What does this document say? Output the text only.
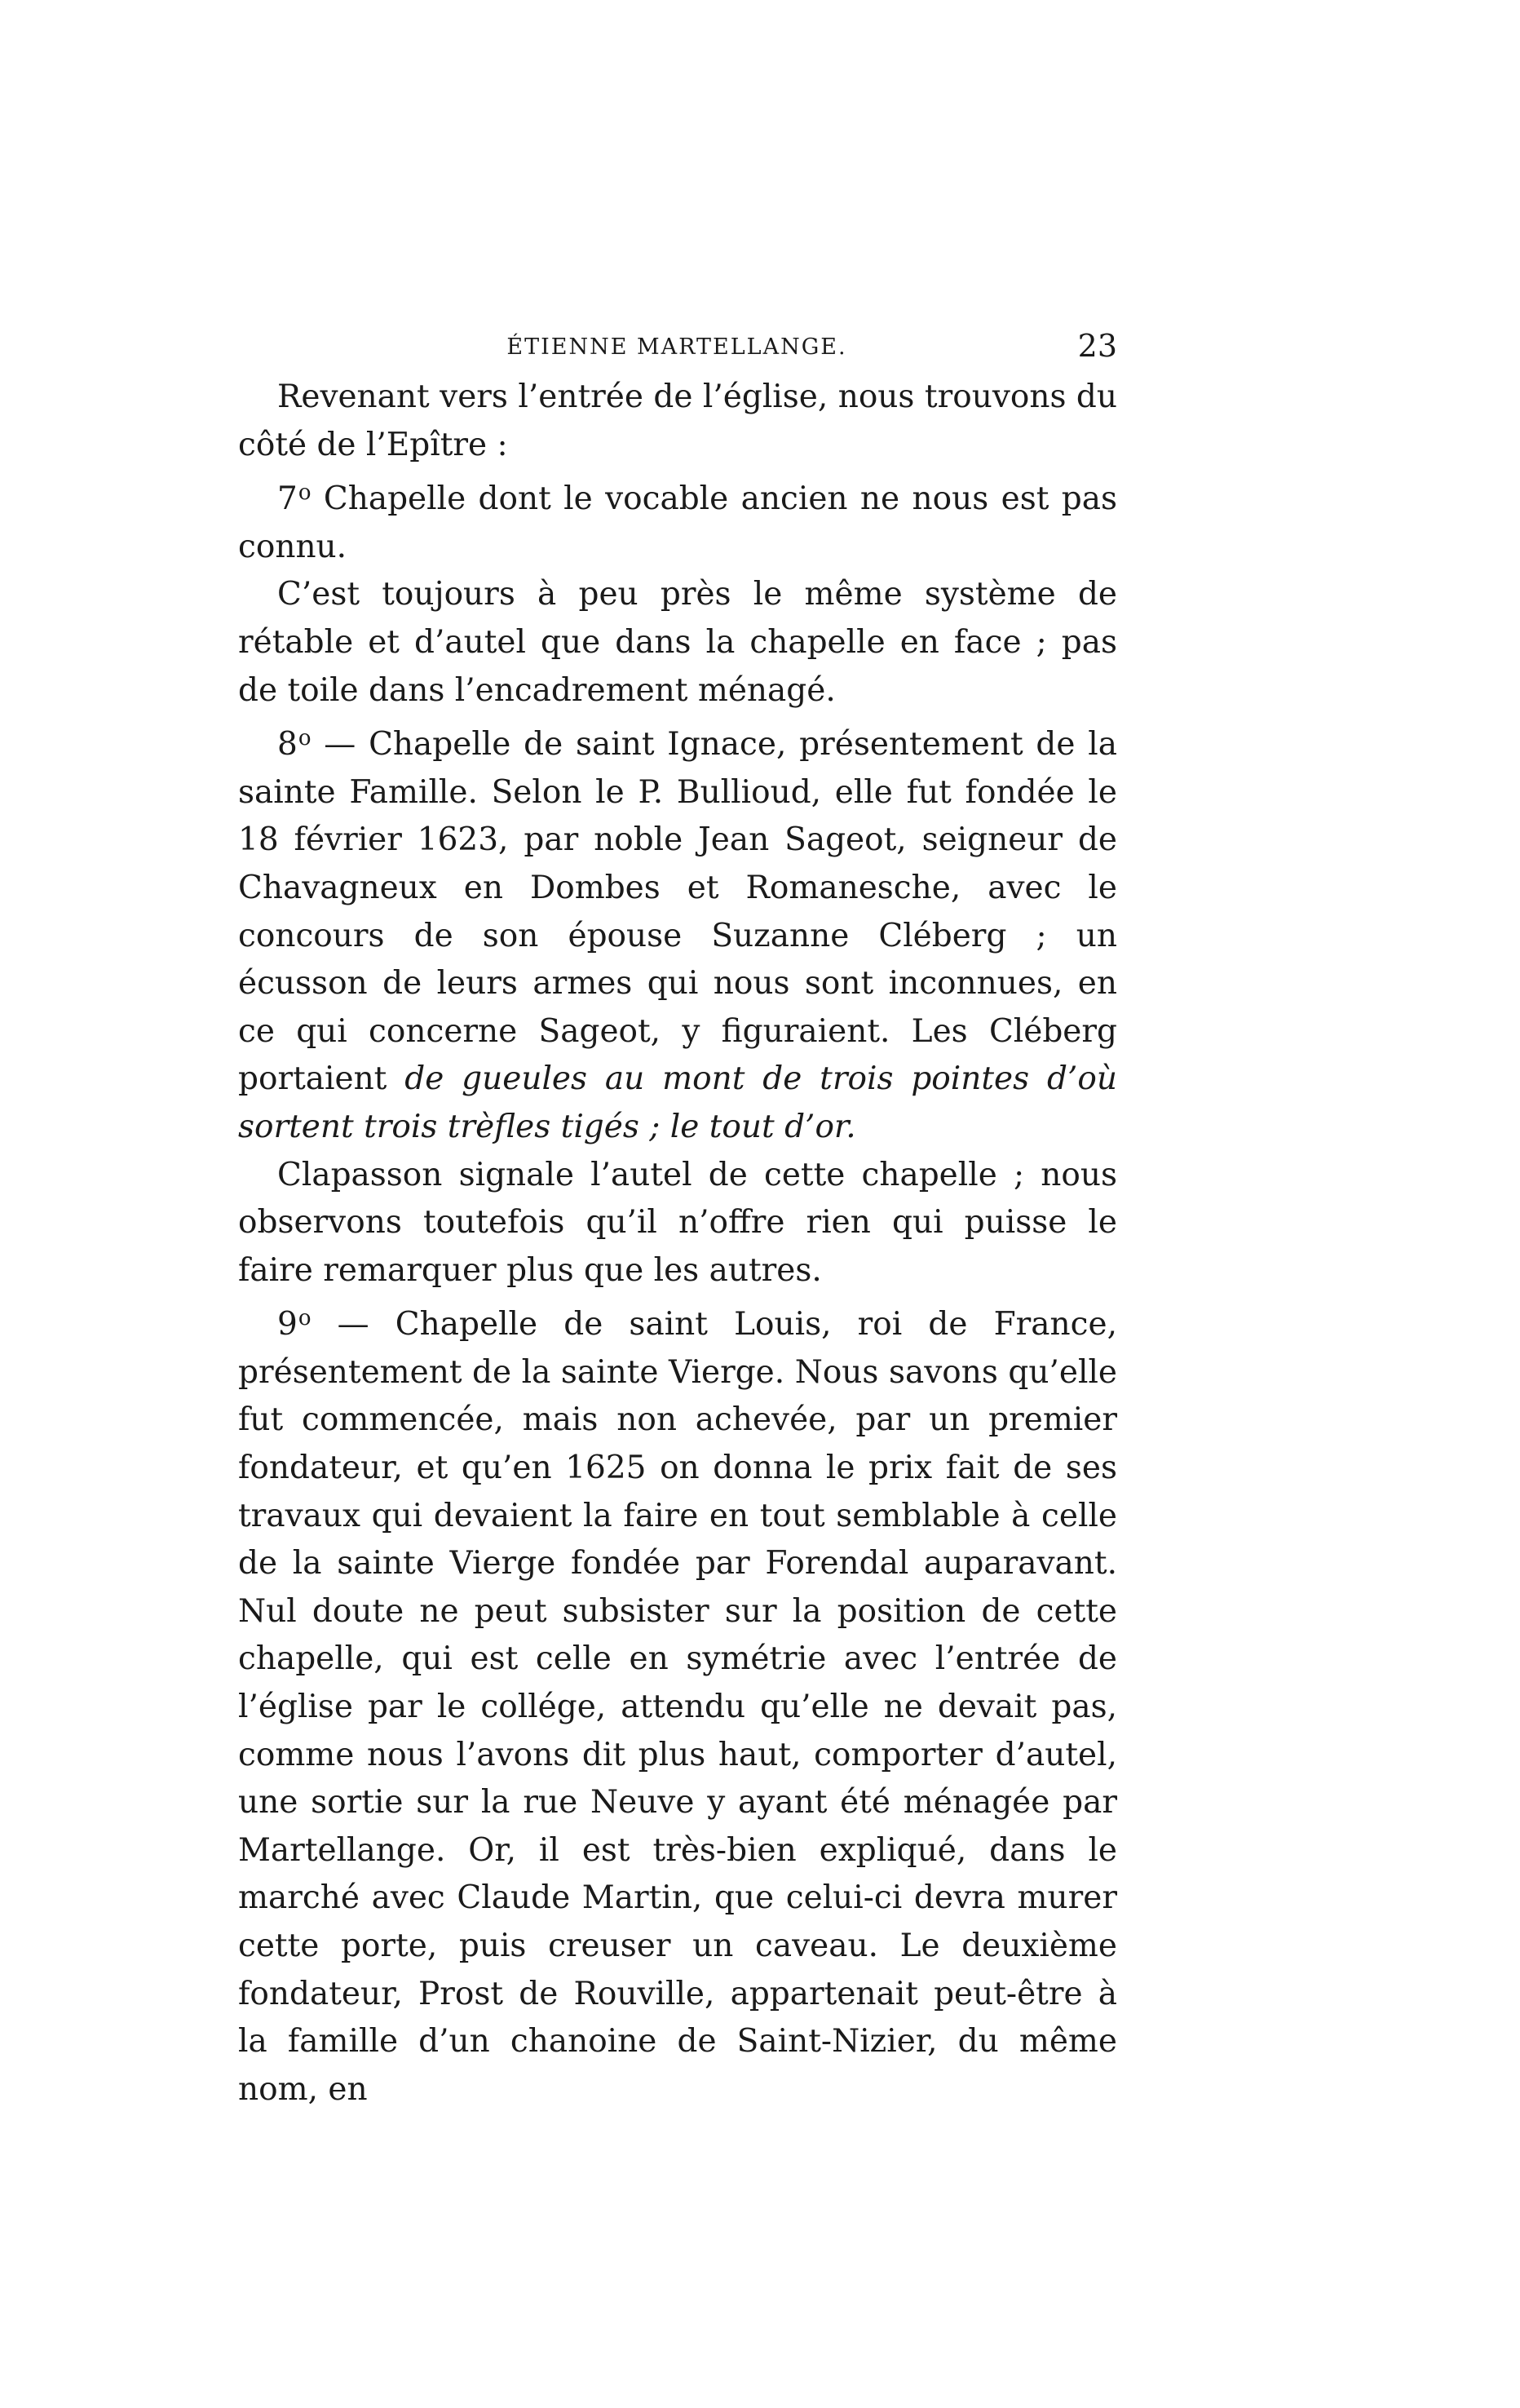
ÉTIENNE MARTELLANGE.	23

Revenant vers l’entrée de l’église, nous trouvons du côté de l’Epître :

7$^o$ Chapelle dont le vocable ancien ne nous est pas connu.

C’est toujours à peu près le même système de rétable et d’autel que dans la chapelle en face ; pas de toile dans l’encadrement ménagé.

8$^o$ — Chapelle de saint Ignace, présentement de la sainte Famille. Selon le P. Bullioud, elle fut fondée le 18 février 1623, par noble Jean Sageot, seigneur de Chavagneux en Dombes et Romanesche, avec le concours de son épouse Suzanne Cléberg ; un écusson de leurs armes qui nous sont inconnues, en ce qui concerne Sageot, y figuraient. Les Cléberg portaient de gueules au mont de trois pointes d’où sortent trois trèfles tigés ; le tout d’or.

Clapasson signale l’autel de cette chapelle ; nous observons toutefois qu’il n’offre rien qui puisse le faire remarquer plus que les autres.

9$^o$ — Chapelle de saint Louis, roi de France, présentement de la sainte Vierge. Nous savons qu’elle fut commencée, mais non achevée, par un premier fondateur, et qu’en 1625 on donna le prix fait de ses travaux qui devaient la faire en tout semblable à celle de la sainte Vierge fondée par Forendal auparavant. Nul doute ne peut subsister sur la position de cette chapelle, qui est celle en symétrie avec l’entrée de l’église par le collége, attendu qu’elle ne devait pas, comme nous l’avons dit plus haut, comporter d’autel, une sortie sur la rue Neuve y ayant été ménagée par Martellange. Or, il est très-bien expliqué, dans le marché avec Claude Martin, que celui-ci devra murer cette porte, puis creuser un caveau. Le deuxième fondateur, Prost de Rouville, appartenait peut-être à la famille d’un chanoine de Saint-Nizier, du même nom, en
